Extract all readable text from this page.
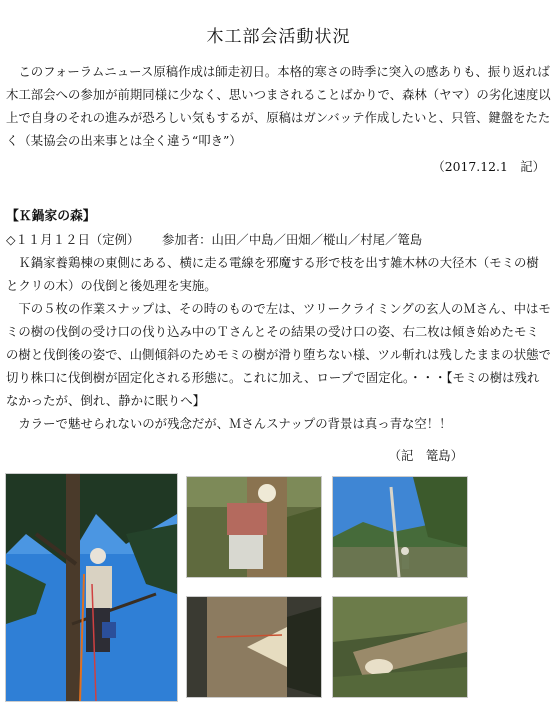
木工部会活動状況

このフォーラムニュース原稿作成は師走初日。本格的寒さの時季に突入の感ありも、振り返れば木工部会への参加が前期同様に少なく、思いつまされることばかりで、森林（ヤマ）の劣化速度以上で自身のそれの進みが恐ろしい気もするが、原稿はガンバッテ作成したいと、只管、鍵盤をたたく（某協会の出来事とは全く違う“叩き”）

（2017.12.1　記）
【Ｋ鍋家の森】

◇１１月１２日（定例）　　 参加者：山田／中島／田畑／樅山／村尾／篭島

Ｋ鍋家養鶏棟の東側にある、横に走る電線を邪魔する形で枝を出す雑木林の大径木（モミの樹とクリの木）の伐倒と後処理を実施。

下の５枚の作業スナップは、その時のもので左は、ツリークライミングの玄人のＭさん、中はモミの樹の伐倒の受け口の伐り込み中のＴさんとその結果の受け口の姿、右二枚は傾き始めたモミの樹と伐倒後の姿で、山側傾斜のためモミの樹が滑り堕ちない様、ツル斬れは残したままの状態で切り株口に伐倒樹が固定化される形態に。これに加え、ロープで固定化。・・・【モミの樹は残れなかったが、倒れ、静かに眠りへ】

カラーで魅せられないのが残念だが、Ｍさんスナップの背景は真っ青な空！！

（記　篭島）
